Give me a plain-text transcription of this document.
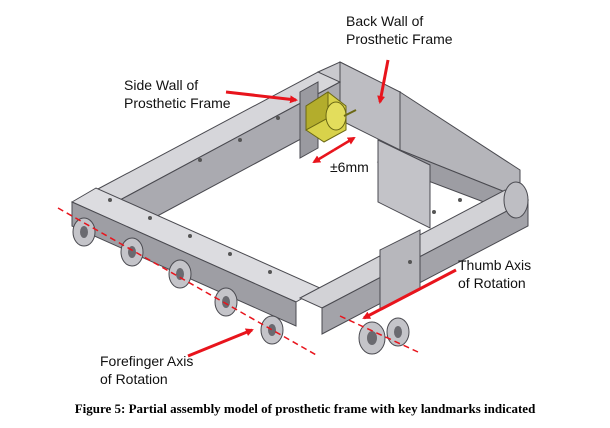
Back Wall of
Prosthetic Frame
Side Wall of
Prosthetic Frame
±6mm
Thumb Axis
of Rotation
Forefinger Axis
of Rotation
Figure 5: Partial assembly model of prosthetic frame with key landmarks indicated
